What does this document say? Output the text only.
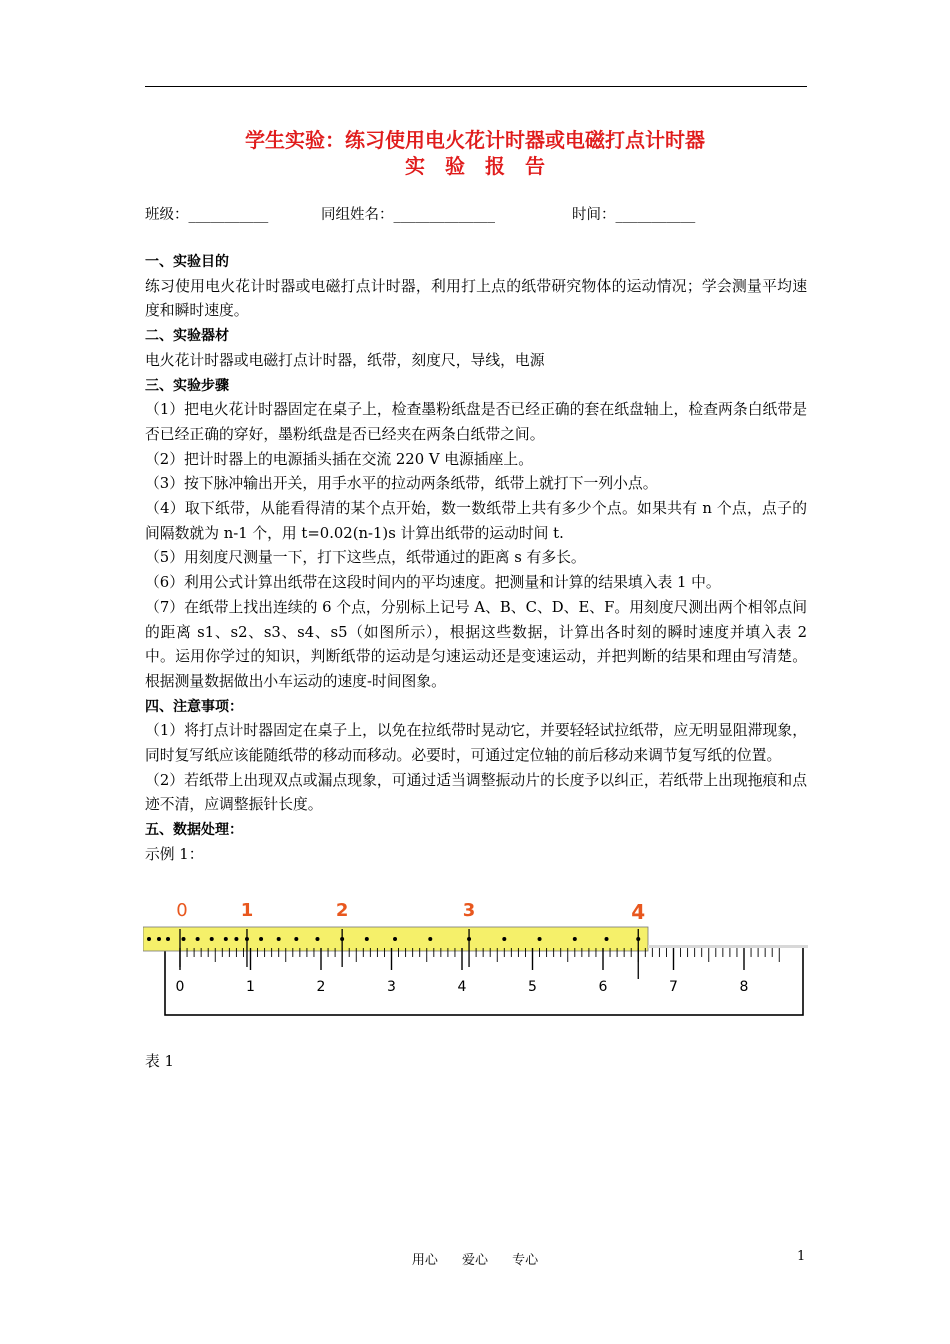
学生实验：练习使用电火花计时器或电磁打点计时器
实　验　报　告
班级：___________	同组姓名：______________	时间：___________

一、实验目的

练习使用电火花计时器或电磁打点计时器，利用打上点的纸带研究物体的运动情况；学会测量平均速度和瞬时速度。

二、实验器材

电火花计时器或电磁打点计时器，纸带，刻度尺，导线，电源

三、实验步骤

（1）把电火花计时器固定在桌子上，检查墨粉纸盘是否已经正确的套在纸盘轴上，检查两条白纸带是否已经正确的穿好，墨粉纸盘是否已经夹在两条白纸带之间。

（2）把计时器上的电源插头插在交流 220 V 电源插座上。

（3）按下脉冲输出开关，用手水平的拉动两条纸带，纸带上就打下一列小点。

（4）取下纸带，从能看得清的某个点开始，数一数纸带上共有多少个点。如果共有 n 个点，点子的间隔数就为 n-1 个，用 t=0.02(n-1)s 计算出纸带的运动时间 t.

（5）用刻度尺测量一下，打下这些点，纸带通过的距离 s 有多长。

（6）利用公式计算出纸带在这段时间内的平均速度。把测量和计算的结果填入表 1 中。

（7）在纸带上找出连续的 6 个点，分别标上记号 A、B、C、D、E、F。用刻度尺测出两个相邻点间的距离 s1、s2、s3、s4、s5（如图所示），根据这些数据，计算出各时刻的瞬时速度并填入表 2 中。运用你学过的知识，判断纸带的运动是匀速运动还是变速运动，并把判断的结果和理由写清楚。根据测量数据做出小车运动的速度-时间图象。

四、注意事项：

（1）将打点计时器固定在桌子上，以免在拉纸带时晃动它，并要轻轻试拉纸带，应无明显阻滞现象，同时复写纸应该能随纸带的移动而移动。必要时，可通过定位轴的前后移动来调节复写纸的位置。

（2）若纸带上出现双点或漏点现象，可通过适当调整振动片的长度予以纠正，若纸带上出现拖痕和点迹不清，应调整振针长度。

五、数据处理：

示例 1：

0	1	2	3	4	5	6	7	8
0	1	2	3	4
表 1
用心 爱心 专心	1
